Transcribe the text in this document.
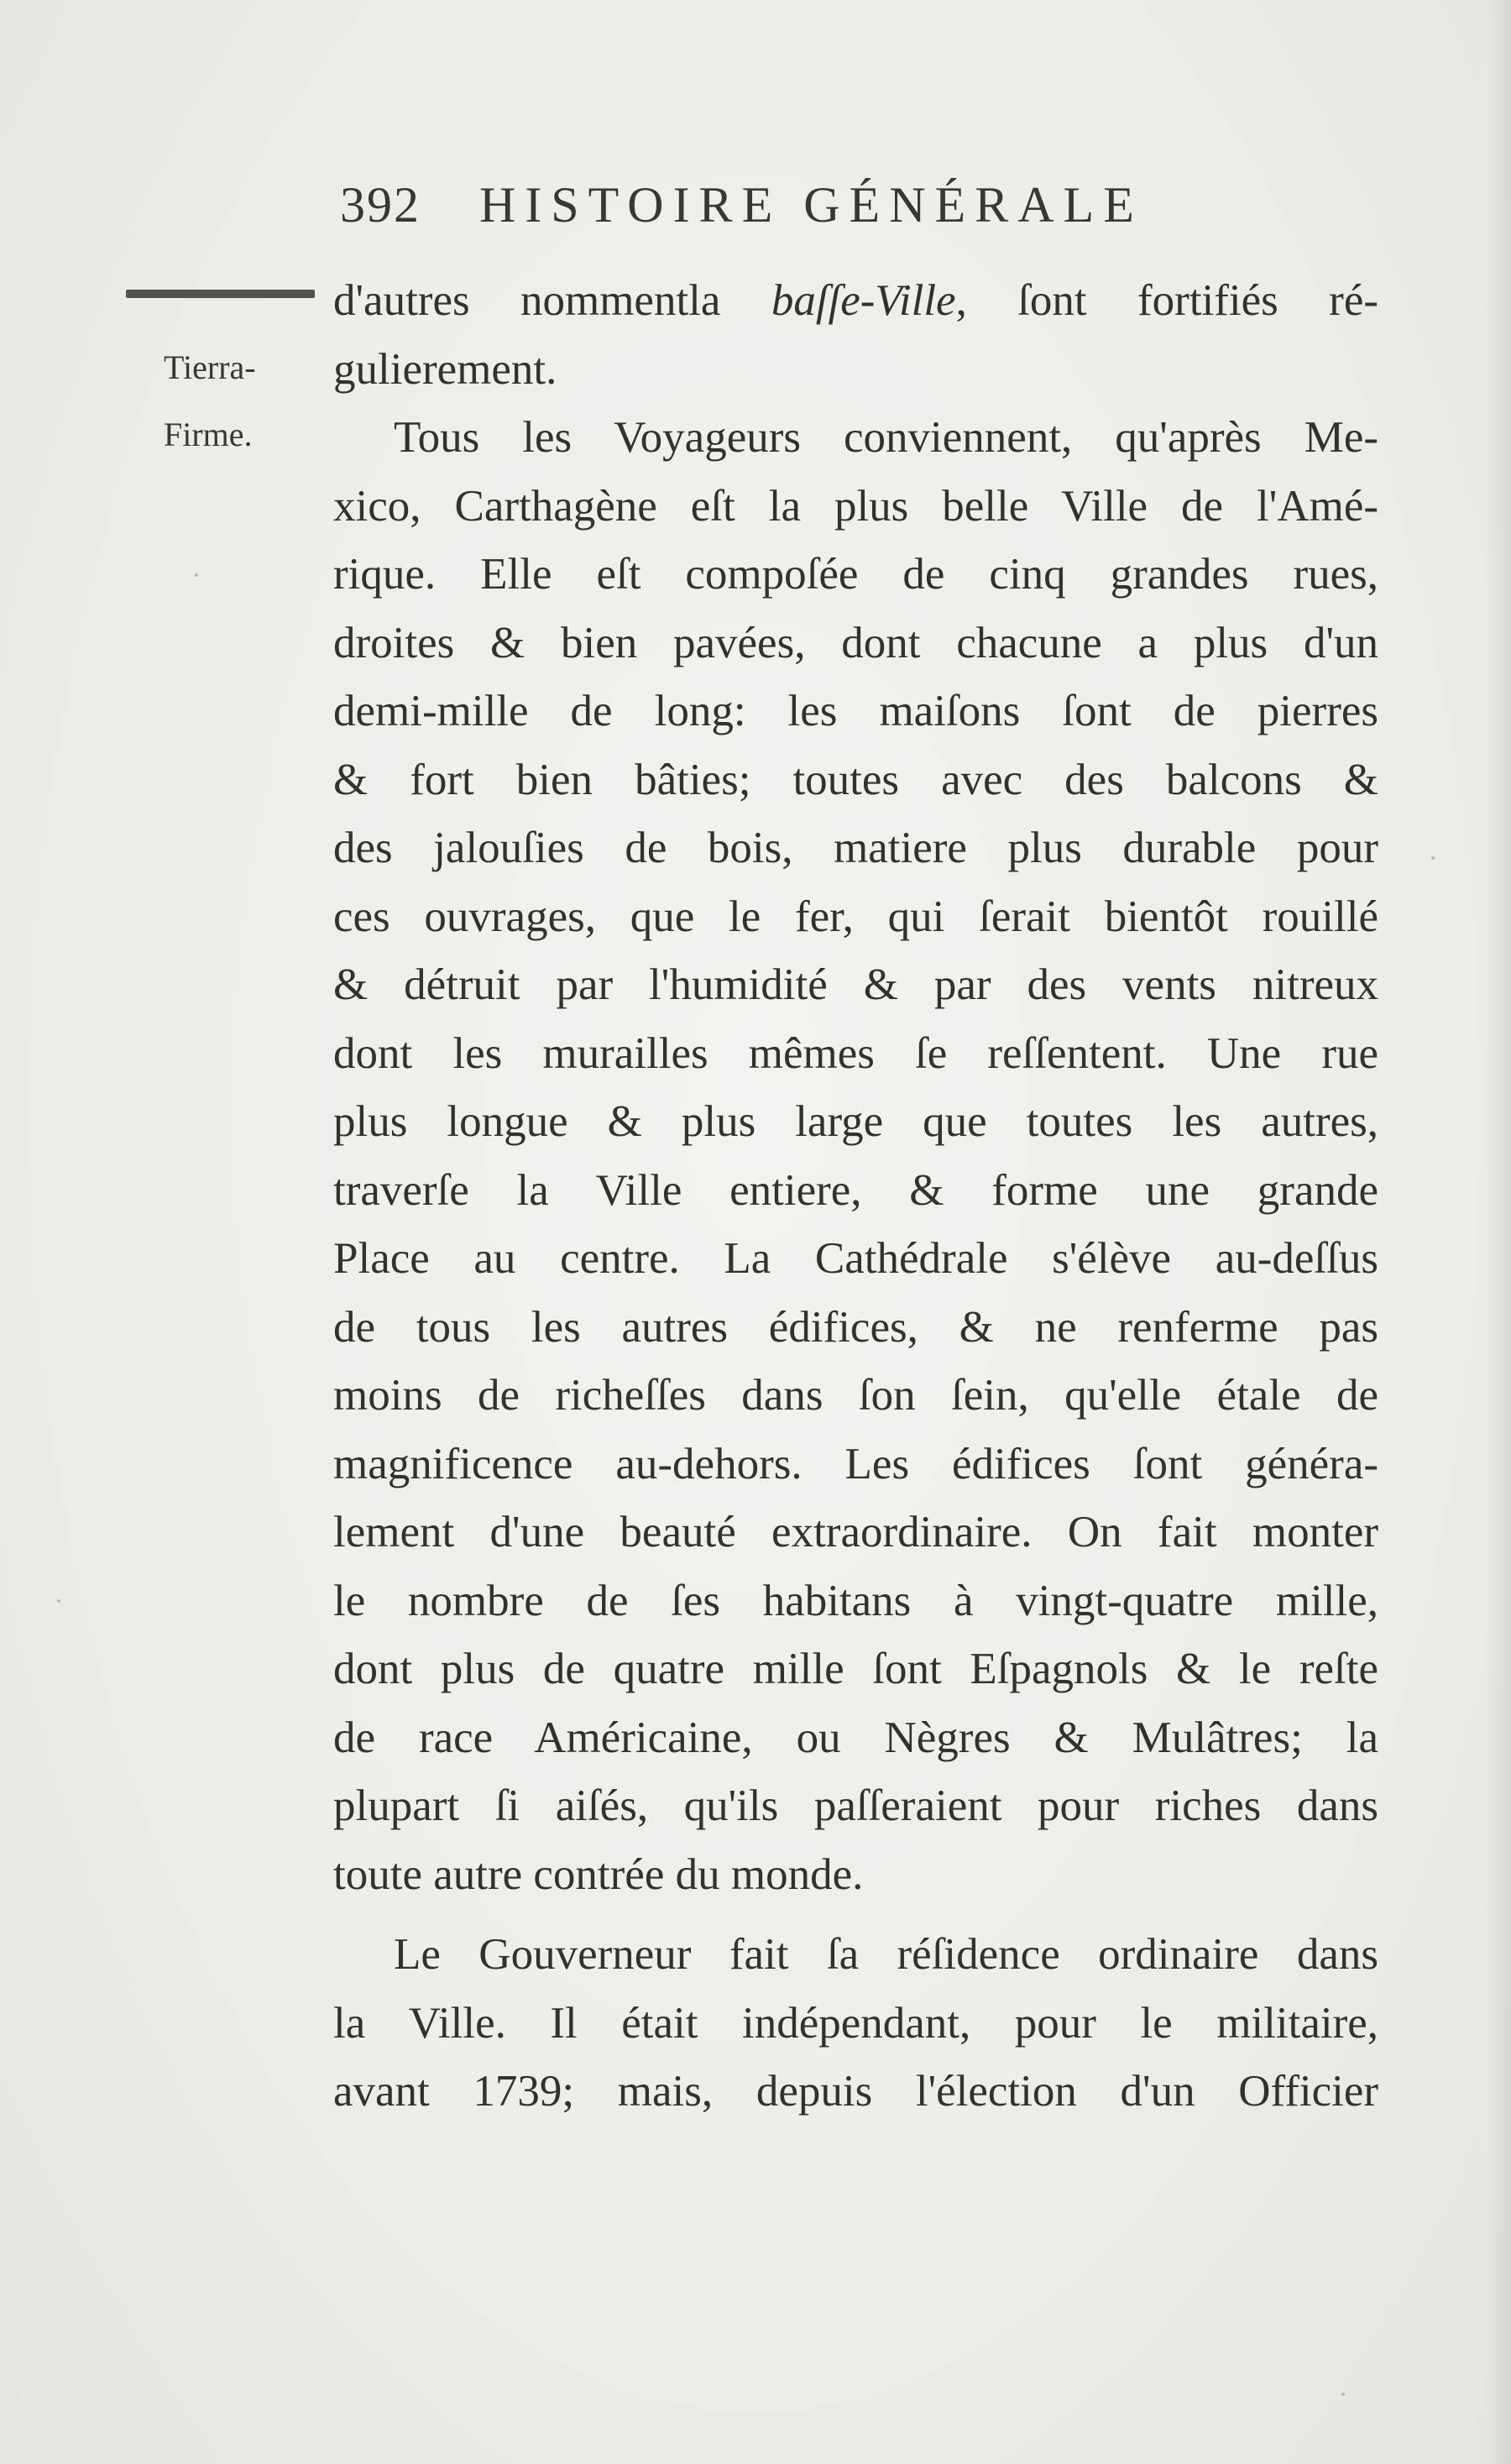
392 HISTOIRE GÉNÉRALE
Tierra-
Firme.
d'autres nommentla baſſe-Ville, ſont fortifiés ré-
gulierement.
Tous les Voyageurs conviennent, qu'après Me-
xico, Carthagène eſt la plus belle Ville de l'Amé-
rique. Elle eſt compoſée de cinq grandes rues,
droites & bien pavées, dont chacune a plus d'un
demi-mille de long: les maiſons ſont de pierres
& fort bien bâties; toutes avec des balcons &
des jalouſies de bois, matiere plus durable pour
ces ouvrages, que le fer, qui ſerait bientôt rouillé
& détruit par l'humidité & par des vents nitreux
dont les murailles mêmes ſe reſſentent. Une rue
plus longue & plus large que toutes les autres,
traverſe la Ville entiere, & forme une grande
Place au centre. La Cathédrale s'élève au-deſſus
de tous les autres édifices, & ne renferme pas
moins de richeſſes dans ſon ſein, qu'elle étale de
magnificence au-dehors. Les édifices ſont généra-
lement d'une beauté extraordinaire. On fait monter
le nombre de ſes habitans à vingt-quatre mille,
dont plus de quatre mille ſont Eſpagnols & le reſte
de race Américaine, ou Nègres & Mulâtres; la
plupart ſi aiſés, qu'ils paſſeraient pour riches dans
toute autre contrée du monde.
Le Gouverneur fait ſa réſidence ordinaire dans
la Ville. Il était indépendant, pour le militaire,
avant 1739; mais, depuis l'élection d'un Officier
